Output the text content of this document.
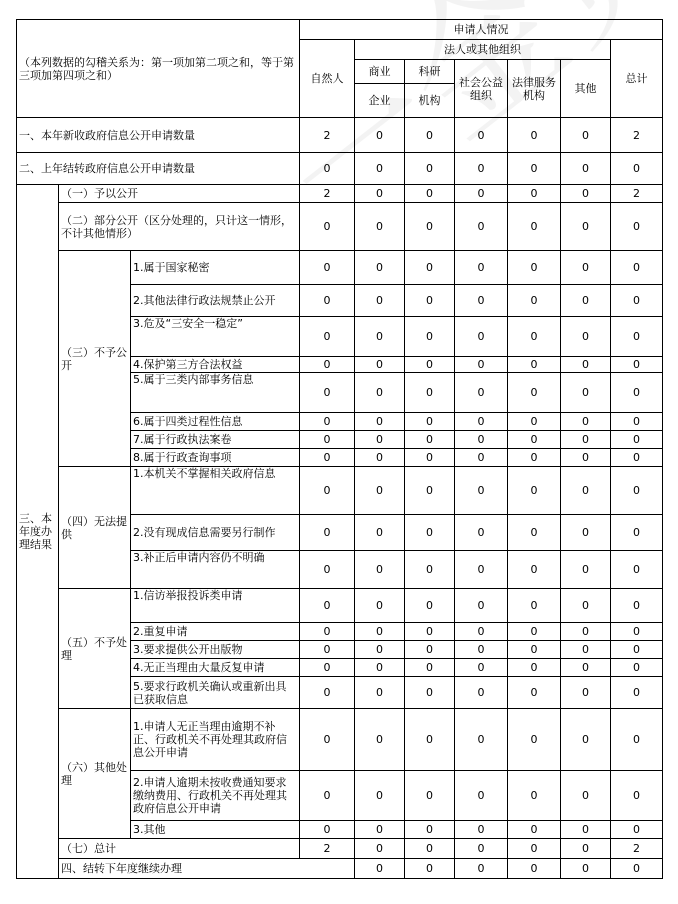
（本列数据的勾稽关系为：第一项加第二项之和，等于第三项加第四项之和）			申请人情况							
			自然人	法人或其他组织					总计	
				商业	科研	社会公益组织	法律服务机构	其他		
				企业	机构					
一、本年新收政府信息公开申请数量			2	0	0	0	0	0	2	
二、上年结转政府信息公开申请数量			0	0	0	0	0	0	0	
三、本年度办理结果	（一）予以公开		2	0	0	0	0	0	2	
	（二）部分公开（区分处理的，只计这一情形，不计其他情形）		0	0	0	0	0	0	0	
	（三）不予公开	1.属于国家秘密	0	0	0	0	0	0	0	
		2.其他法律行政法规禁止公开	0	0	0	0	0	0	0	
		3.危及“三安全一稳定”	0	0	0	0	0	0	0	
		4.保护第三方合法权益	0	0	0	0	0	0	0	
		5.属于三类内部事务信息	0	0	0	0	0	0	0	
		6.属于四类过程性信息	0	0	0	0	0	0	0	
		7.属于行政执法案卷	0	0	0	0	0	0	0	
		8.属于行政查询事项	0	0	0	0	0	0	0	
	（四）无法提供	1.本机关不掌握相关政府信息	0	0	0	0	0	0	0	
		2.没有现成信息需要另行制作	0	0	0	0	0	0	0	
		3.补正后申请内容仍不明确	0	0	0	0	0	0	0	
	（五）不予处理	1.信访举报投诉类申请	0	0	0	0	0	0	0	
		2.重复申请	0	0	0	0	0	0	0	
		3.要求提供公开出版物	0	0	0	0	0	0	0	
		4.无正当理由大量反复申请	0	0	0	0	0	0	0	
		5.要求行政机关确认或重新出具已获取信息	0	0	0	0	0	0	0	
	（六）其他处理	1.申请人无正当理由逾期不补正、行政机关不再处理其政府信息公开申请	0	0	0	0	0	0	0	
		2.申请人逾期未按收费通知要求缴纳费用、行政机关不再处理其政府信息公开申请	0	0	0	0	0	0	0	
		3.其他	0	0	0	0	0	0	0	
	（七）总计		2	0	0	0	0	0	2	
	四、结转下年度继续办理			0	0	0	0	0	0	
